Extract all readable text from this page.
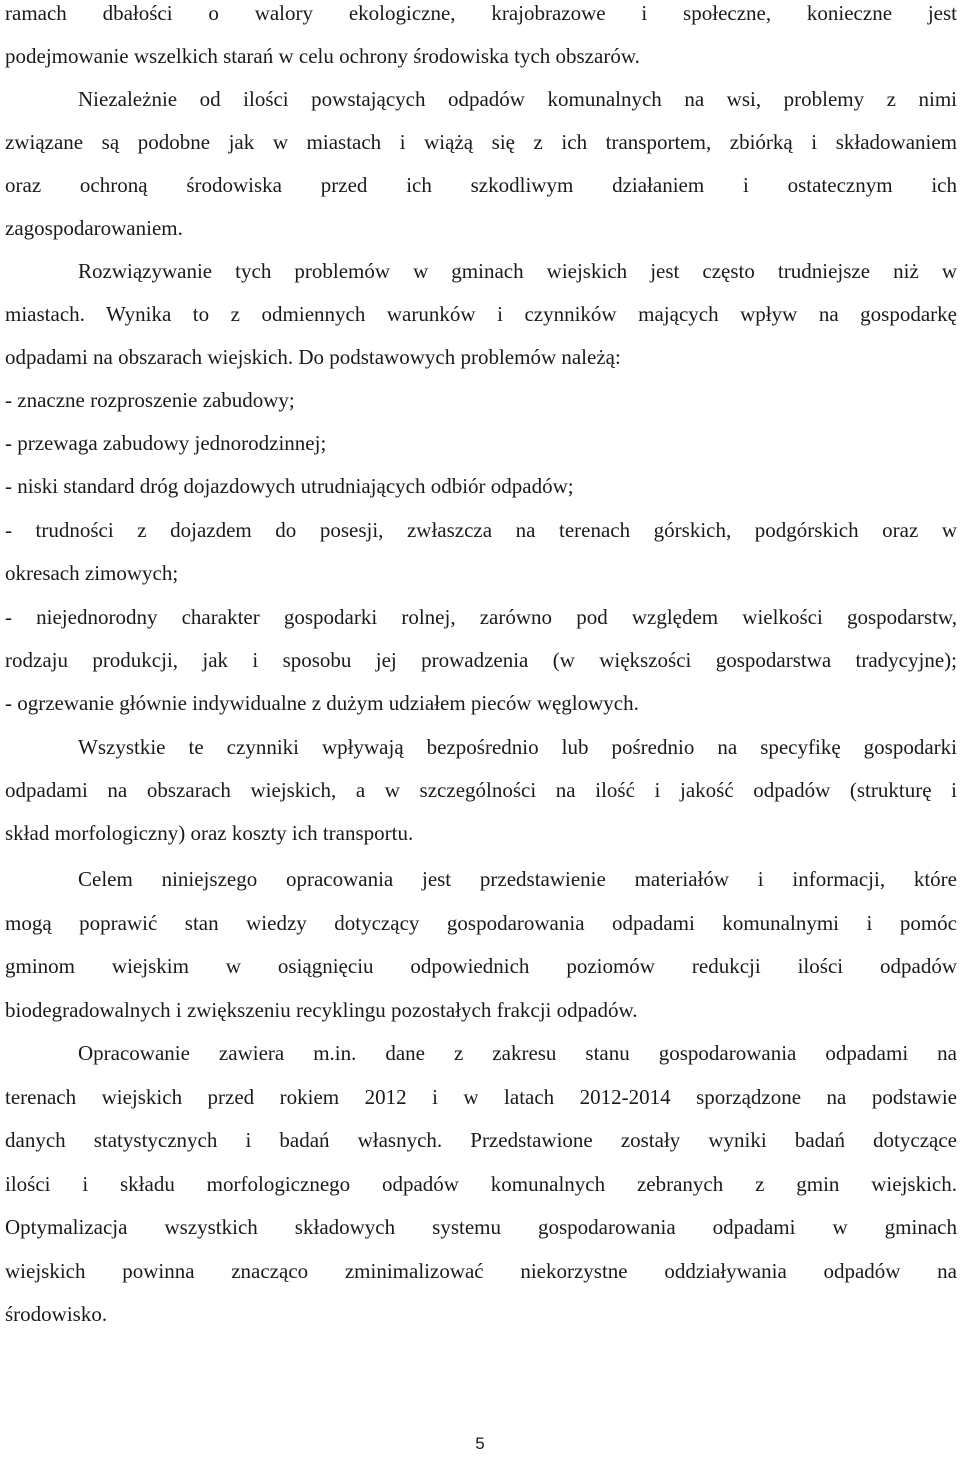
ramach dbałości o walory ekologiczne, krajobrazowe i społeczne, konieczne jest
podejmowanie wszelkich starań w celu ochrony środowiska tych obszarów.
Niezależnie od ilości powstających odpadów komunalnych na wsi, problemy z nimi
związane są podobne jak w miastach i wiążą się z ich transportem, zbiórką i składowaniem
oraz ochroną środowiska przed ich szkodliwym działaniem i ostatecznym ich
zagospodarowaniem.
Rozwiązywanie tych problemów w gminach wiejskich jest często trudniejsze niż w
miastach. Wynika to z odmiennych warunków i czynników mających wpływ na gospodarkę
odpadami na obszarach wiejskich. Do podstawowych problemów należą:
- znaczne rozproszenie zabudowy;
- przewaga zabudowy jednorodzinnej;
- niski standard dróg dojazdowych utrudniających odbiór odpadów;
- trudności z dojazdem do posesji, zwłaszcza na terenach górskich, podgórskich oraz w
okresach zimowych;
- niejednorodny charakter gospodarki rolnej, zarówno pod względem wielkości gospodarstw,
rodzaju produkcji, jak i sposobu jej prowadzenia (w większości gospodarstwa tradycyjne);
- ogrzewanie głównie indywidualne z dużym udziałem pieców węglowych.
Wszystkie te czynniki wpływają bezpośrednio lub pośrednio na specyfikę gospodarki
odpadami na obszarach wiejskich, a w szczególności na ilość i jakość odpadów (strukturę i
skład morfologiczny) oraz koszty ich transportu.
Celem niniejszego opracowania jest przedstawienie materiałów i informacji, które
mogą poprawić stan wiedzy dotyczący gospodarowania odpadami komunalnymi i pomóc
gminom wiejskim w osiągnięciu odpowiednich poziomów redukcji ilości odpadów
biodegradowalnych i zwiększeniu recyklingu pozostałych frakcji odpadów.
Opracowanie zawiera m.in. dane z zakresu stanu gospodarowania odpadami na
terenach wiejskich przed rokiem 2012 i w latach 2012-2014 sporządzone na podstawie
danych statystycznych i badań własnych. Przedstawione zostały wyniki badań dotyczące
ilości i składu morfologicznego odpadów komunalnych zebranych z gmin wiejskich.
Optymalizacja wszystkich składowych systemu gospodarowania odpadami w gminach
wiejskich powinna znacząco zminimalizować niekorzystne oddziaływania odpadów na
środowisko.
5
